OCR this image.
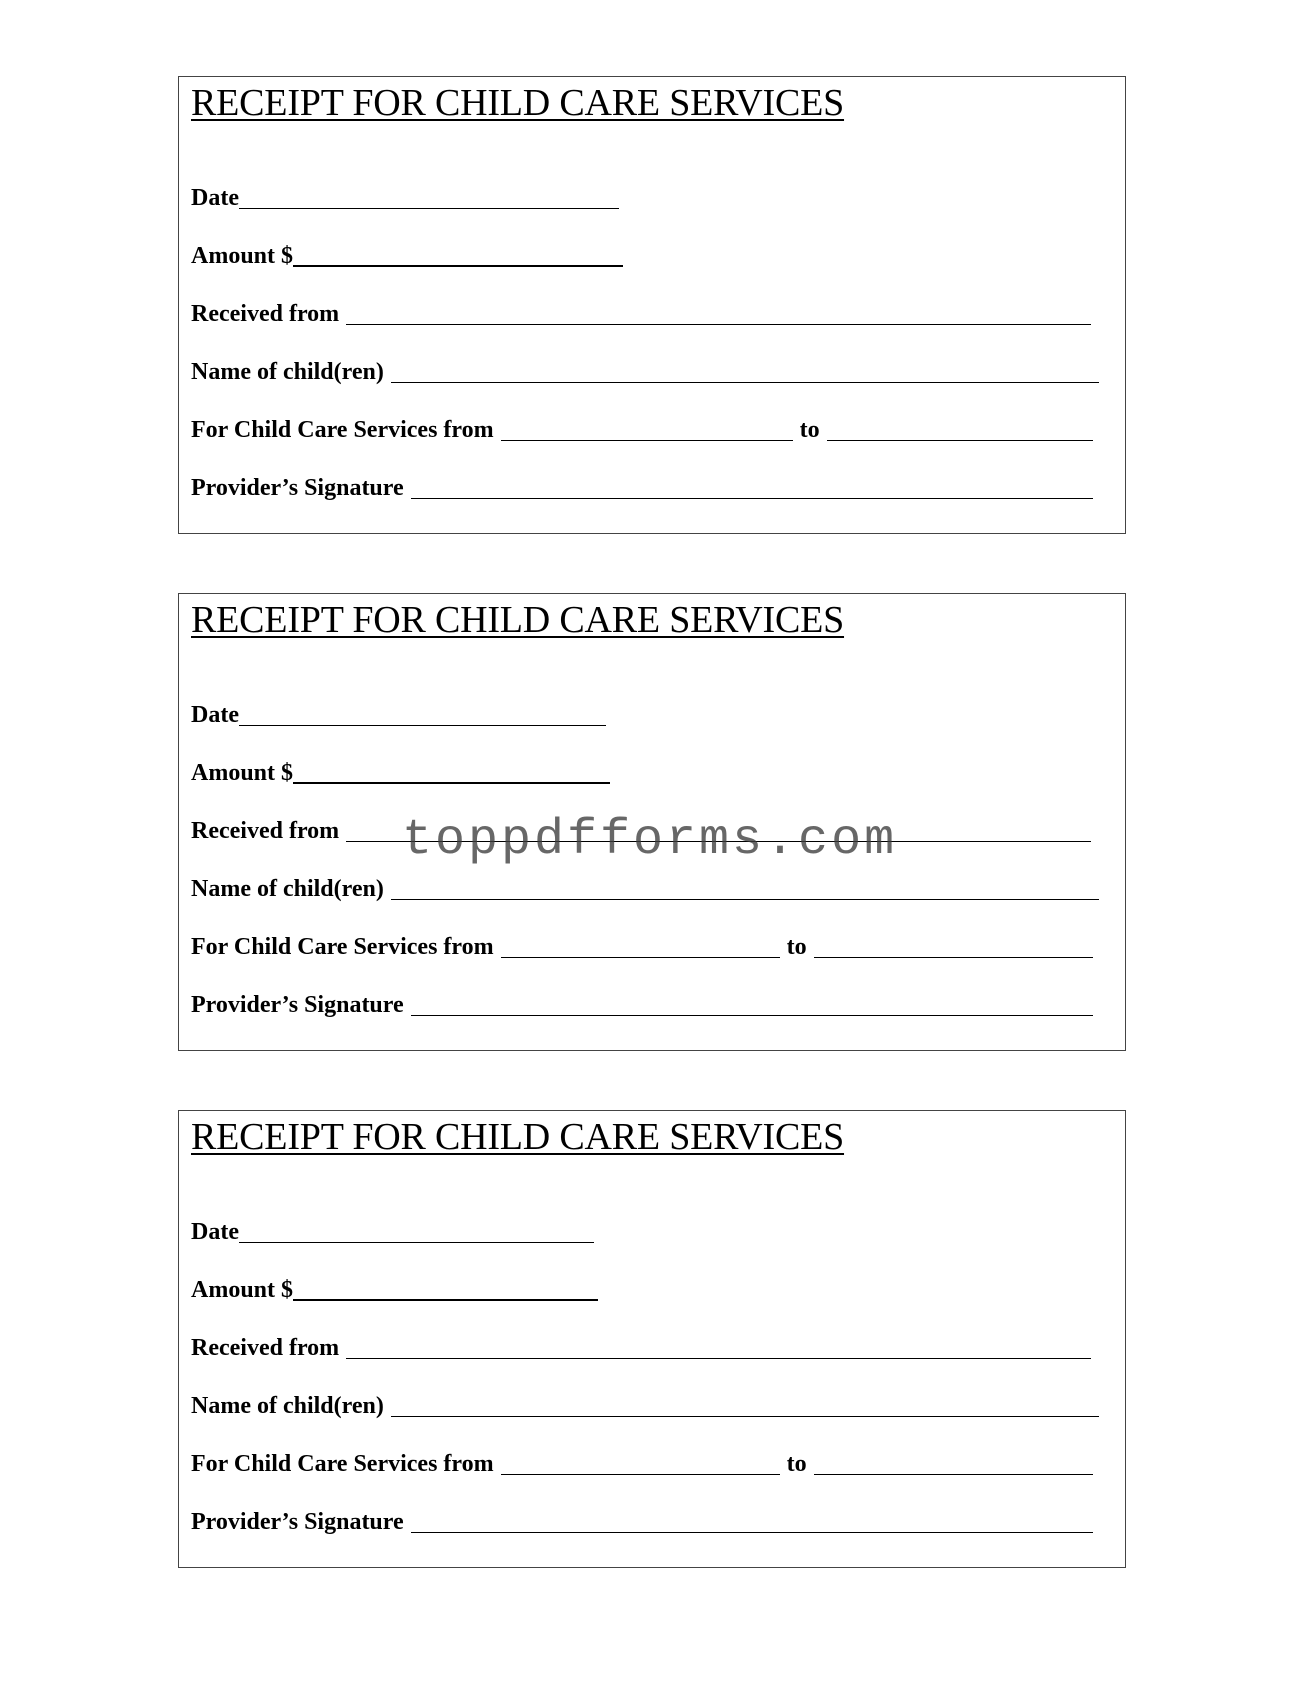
RECEIPT FOR CHILD CARE SERVICES
Date
Amount $
Received from
Name of child(ren)
For Child Care Services from	to
Provider’s Signature
RECEIPT FOR CHILD CARE SERVICES
Date
Amount $
Received from
Name of child(ren)
For Child Care Services from	to
Provider’s Signature
RECEIPT FOR CHILD CARE SERVICES
Date
Amount $
Received from
Name of child(ren)
For Child Care Services from	to
Provider’s Signature
toppdfforms.com
